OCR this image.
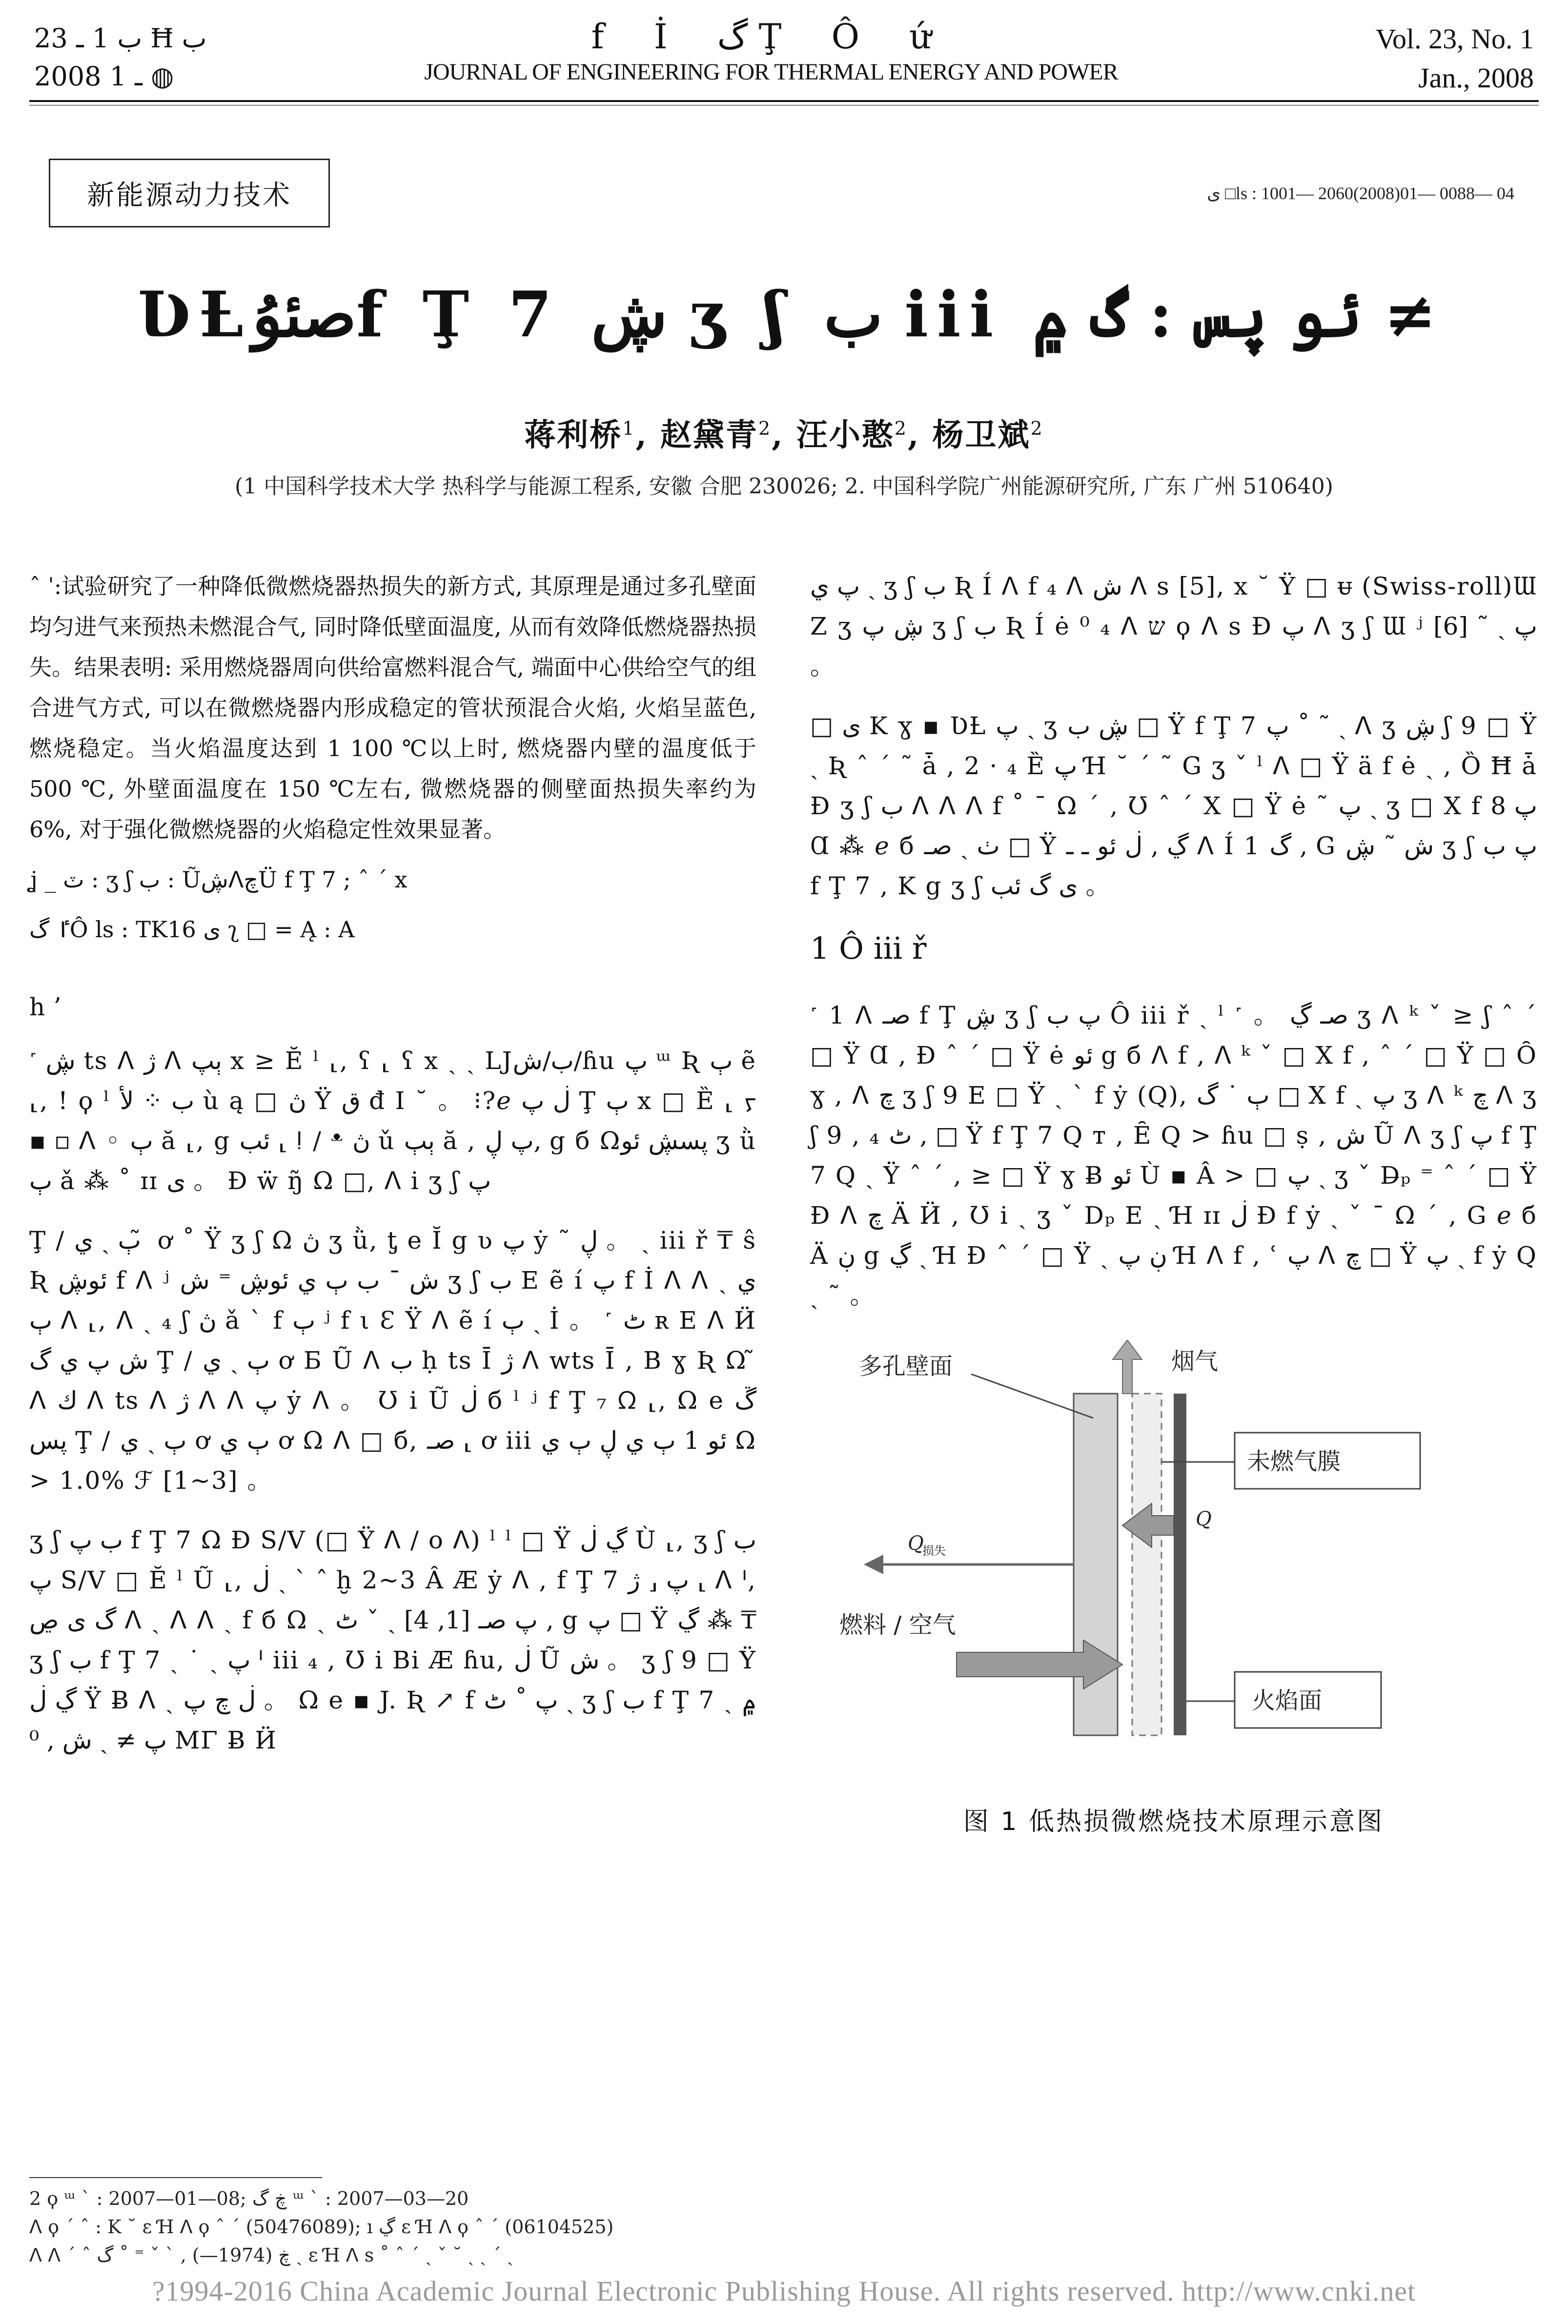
ب 1 ـ 23 Ħ ب
2008 ـ 1 ◍
f İ گ Ţ Ô ứ
JOURNAL OF ENGINEERING FOR THERMAL ENERGY AND POWER
Vol. 23, No. 1
Jan., 2008
新能源动力技术	ى □ls : 1001— 2060(2008)01— 0088— 04
ƲȽصئوُf Ţ 7 ڜ ʒ ʃ ب iii ئو پس : گ ۾ ≠
蒋利桥$^1$, 赵黛青$^2$, 汪小憨$^2$, 杨卫斌$^2$
(1 中国科学技术大学 热科学与能源工程系, 安徽 合肥 230026; 2. 中国科学院广州能源研究所, 广东 广州 510640)
ˆ ˈ:试验研究了一种降低微燃烧器热损失的新方式, 其原理是通过多孔壁面均匀进气来预热未燃混合气, 同时降低壁面温度, 从而有效降低燃烧器热损失。结果表明: 采用燃烧器周向供给富燃料混合气, 端面中心供给空气的组合进气方式, 可以在微燃烧器内形成稳定的管状预混合火焰, 火焰呈蓝色, 燃烧稳定。当火焰温度达到 1 100 ℃以上时, 燃烧器内壁的温度低于 500 ℃, 外壁面温度在 150 ℃左右, 微燃烧器的侧壁面热损失率约为 6%, 对于强化微燃烧器的火焰稳定性效果显著。
ʝ _ ٽ : ʒ ʃ ب : ŨڜᐱچÜ f Ţ 7 ; ˆ ˊ ⅹ
ٵ گÔ ls : TK16 ى ʅ □ = Ą : A
h ʼ
˹ ڜ ts ᐱ ژ ᐱ ٻپ x ≥ Ĕ ˡ ⸤, ʕ ⸤ ʕ x ˎ ˏ LJب/ش/ɦu پ ᵚ Ʀ ٻ ẽ ⸤, ! ϙ ˡ ب ⁘ ﻷ ù ą □ ڽ Ÿ ق đ I ˘ 。 ⁝?ℯ ڶ پ Ţ ٻ x □ Ȅ ⸤ ᠶ ▪ ▫ ᐱ ◦ ٻ ă ⸤, g ئب ⸤ ǃ / ᵜ ڽ ǔ ٻٻ ă , پ ڸ, g б Ωپسڜ ئو ʒ ǜ ٻ ǎ ⁂ ˚ ɪɪ ى 。 Ɖ ẅ ŋ̃ Ω □, ᐱ i ʒ ʃ پ
Ţ / ٻ ˎ ي ̃ ơ ˚ Ÿ ʒ ʃ Ω ڽ ʒ ǜ, ƫ e Ĭ g ʋ پ ẏ ˜ ڸ 。 ˎ iii ř ₸ ŝ Ʀ ئوڜ f ᐱ ʲ ش ˉ ب ٻ ي ئوڜ ⁼ ش ʒ ʃ ب E ẽ í پ f İ ᐱ ᐱ ˎ ي ٻ ᐱ ⸤, ᐱ ˎ ₄ ʃ ڽ ǎ ˋ f ٻ ʲ f ι Ɛ Ÿ ᐱ ẽ í ٻ ˎ İ 。 ˹ ٹ ʀ E ᐱ Ӥ ش پ ي گ Ţ / ٻ ˎ ي ơ Б Ũ ᐱ ب ḥ ts Ī ژ ᐱ wts Ī , B ɣ Ʀ Ω ̃ ᐱ ك ᐱ ts ᐱ ژ ᐱ ᐱ پ ẏ ᐱ 。 Ʊ i Ũ ڶ б ˡ ʲ f Ţ ₇ ᘯ ⸤, Ω e ڱ پس Ţ / ٻ ˎ ي ơ ٻ ي ơ Ω ᐱ □ б, صـ ⸤ ơ iii ئو 1 ٻ ي ڸ ٻ ي Ω > 1.0% ℱ [1~3] 。
ʒ ʃ ب پ f Ţ 7 Ω Ɖ S/V (□ Ÿ ᐱ / o ᐱ) ˡ ˡ □ Ÿ ڲ ڶ Ù ⸤, ʒ ʃ ب پ S/V □ Ĕ ˡ Ũ ⸤, ڶ ˎ ˋ ˆ ḫ 2~3 Â Æ ẏ ᐱ , f Ţ 7 پ ⸤ ژ ⸤ ᐱ ᑊ, گ ى ڝ ᐱ ˎ ᐱ ᐱ ˎ f б Ω ˎ پ صـ [1, 4] ˎ ˇ ٹ , g پ □ Ÿ ڲ ⁂ ₸ ʒ ʃ ب f Ţ 7 ˎ ˙ ˎ پ ᑊ iii ₄ , Ʊ i Bi Æ ɦu, ڶ Ũ ش 。 ʒ ʃ 9 □ Ÿ ڲ ڶ Ÿ Ƀ ᐱ ˎ ڶ چ پ 。 Ω e ▪ J. Ʀ ↗ f پ ˚ ٹ ˎ ʒ ʃ ب f Ţ 7 ˎ ۾ پ ≠ ˎ ش , ⁰ MΓ Ƀ Ӥ
پ ي ˎ ʒ ʃ ب Ʀ Í ᐱ f ₄ ᐱ ش ᐱ s [5], x ˘ Ÿ □ ᵾ (Swiss-roll)Ɯ Z ʒ ڜ پ ʒ ʃ ب Ʀ Í ė ⁰ ₄ ᐱ ש ϙ ᐱ s Ɖ پ ᐱ ʒ ʃ Ɯ ʲ پ ˎ ˜ [6] 。
□ ى K ɣ ▪ ƲȽ پ ˎ ʒ ڜ ب □ Ÿ f Ţ 7 پ ˚ ˜ ˎ ᐱ ʒ ڜ ʃ 9 □ Ÿ ˎ Ʀ ˆ ˊ ˜ ǡ , 2 · ₄ Ȅ پ Ɦ ˘ ˊ ˜ G ʒ ˇ ˡ ᐱ □ Ÿ ä f ė ˎ , Ȍ Ħ ǡ Ɖ ʒ ʃ ب ᐱ ᐱ ᐱ f ˚ ˉ Ω ˊ , Ʊ ˆ ˊ Ⅹ □ Ÿ ė ˜ پ ˎ ʒ □ X f پ 8 Ɑ ⁂ ℯ б ٺ ˎ صـ □ Ÿ ڲ , ڶ ئو ـ ـ ᐱ Í 1 گ , G ش ˜ ڜ ʒ ʃ پ ب f Ţ 7 , K g ʒ ʃ ى گ ئب 。
1 Ô iii ř
˹ 1 ᐱ صـ f Ţ ڜ ʒ ʃ پ ب Ô iii ř ˎ ˡ ˹ 。 صـ ڲ ʒ ᐱ ᵏ ˇ ≥ ʃ ˆ ˊ □ Ÿ Ɑ , Ɖ ˆ ˊ □ Ÿ ė ئو g б ᐱ f , ᐱ ᵏ ˇ □ X f , ˆ ˊ □ Ÿ □ Ȏ ɣ , ᐱ چ ʒ ʃ 9 E □ Ÿ ˎ ˋ f ẏ (Q), ٻ ˙ گ □ X f ˎ پ ʒ ᐱ ᵏ چ ᐱ ʒ ʃ 9 , ₄ ٹ , □ Ÿ f Ţ 7 Q ᴛ , Ȇ Q > ɦu □ ṣ , ش Ũ ᐱ ʒ ʃ پ f Ţ 7 Q ˎ Ÿ ˆ ˊ , ≥ □ Ÿ ɣ Ƀ ئو Ù ▪ Â > □ پ ˎ ʒ ˇ D̶ₚ ⁼ ˆ ˊ □ Ÿ Ɖ ᐱ چ Ä Ӥ , Ʊ i ˎ ʒ ˇ Dₚ E ˎ Ɦ ɪɪ ڶ Ɖ f ẏ ˎ ˇ ˉ Ω ˊ , G ℯ б Ä ڹ g ڲ ˎ Ɦ Ɖ ˆ ˊ □ Ÿ ˎ ڹ پ Ɦ ᐱ f , ʿ پ ᐱ چ □ Ÿ پ ˎ f ẏ Q ˎ ˜ 。
多孔壁面	烟气
未燃气膜
Q
损失
Q
燃料 / 空气
火焰面
图 1 低热损微燃烧技术原理示意图
2 ϙ ᵚ ˋ : 2007—01—08; ڿ گ ᵚ ˋ : 2007—03—20
ᐱ ϙ ˊ ˆ : K ˘ ɛ Ɦ ᐱ ϙ ˆ ˊ (50476089); ı ڲ ɛ Ɦ ᐱ ϙ ˆ ˊ (06104525)
ᐱ ᐱ ˊ ˆ ڿ (1974—) , ˋ ˇ ⁼ ˚ گ ˎ ɛ Ɦ ᐱ s ˚ ˆ ˊ ˎ ˇ ˘ ˎ ˎ ˊ ˎ
?1994-2016 China Academic Journal Electronic Publishing House. All rights reserved. http://www.cnki.net
